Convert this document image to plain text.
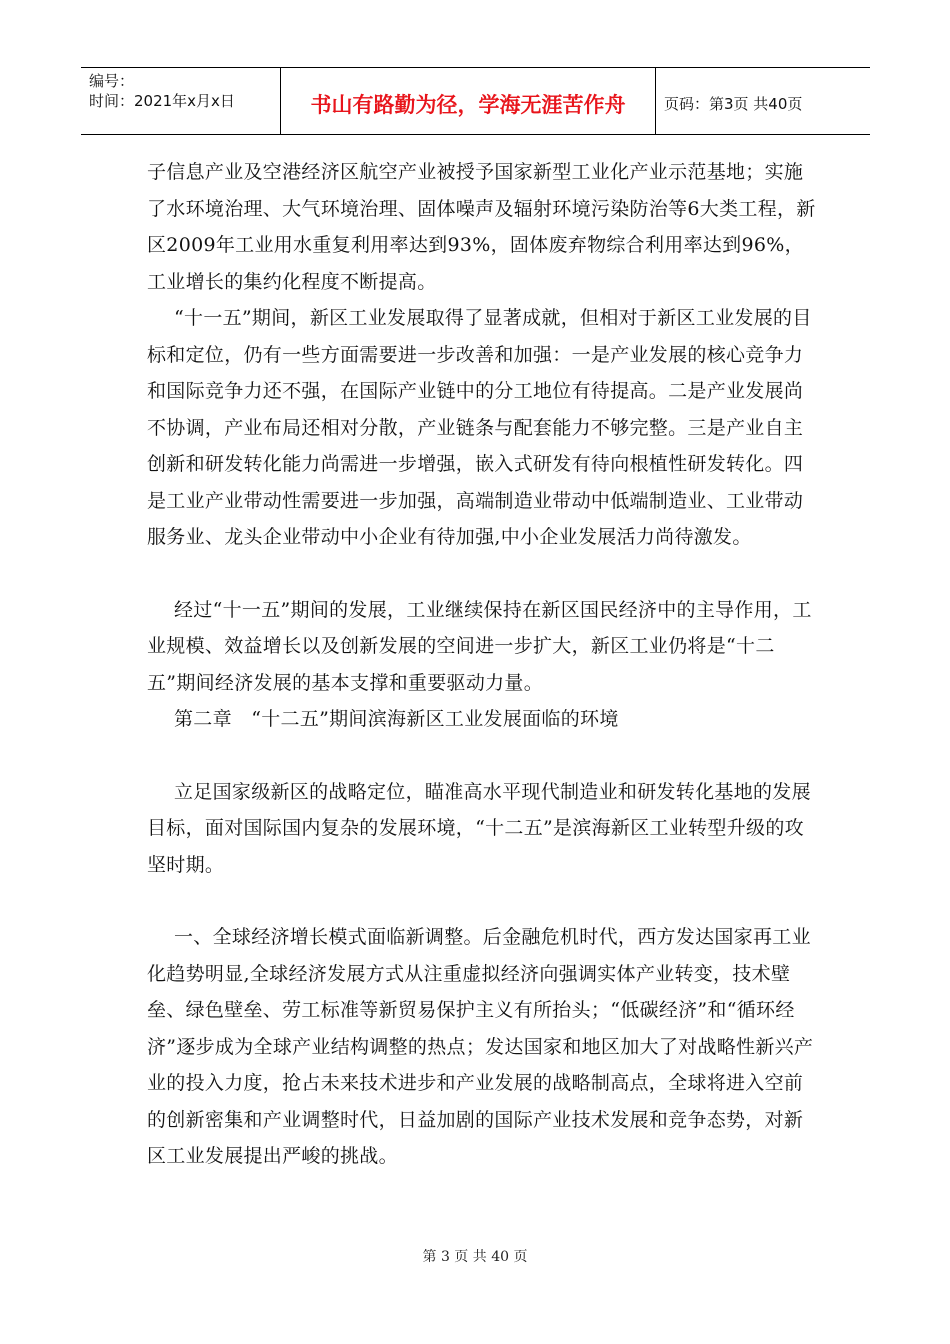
编号：
时间：2021年x月x日	书山有路勤为径，学海无涯苦作舟	页码：第3页 共40页

子信息产业及空港经济区航空产业被授予国家新型工业化产业示范基地；实施了水环境治理、大气环境治理、固体噪声及辐射环境污染防治等6大类工程，新区2009年工业用水重复利用率达到93%，固体废弃物综合利用率达到96%，工业增长的集约化程度不断提高。

“十一五”期间，新区工业发展取得了显著成就，但相对于新区工业发展的目标和定位，仍有一些方面需要进一步改善和加强：一是产业发展的核心竞争力和国际竞争力还不强，在国际产业链中的分工地位有待提高。二是产业发展尚不协调，产业布局还相对分散，产业链条与配套能力不够完整。三是产业自主创新和研发转化能力尚需进一步增强，嵌入式研发有待向根植性研发转化。四是工业产业带动性需要进一步加强，高端制造业带动中低端制造业、工业带动服务业、龙头企业带动中小企业有待加强,中小企业发展活力尚待激发。

经过“十一五”期间的发展，工业继续保持在新区国民经济中的主导作用，工业规模、效益增长以及创新发展的空间进一步扩大，新区工业仍将是“十二五”期间经济发展的基本支撑和重要驱动力量。

第二章　“十二五”期间滨海新区工业发展面临的环境

立足国家级新区的战略定位，瞄准高水平现代制造业和研发转化基地的发展目标，面对国际国内复杂的发展环境，“十二五”是滨海新区工业转型升级的攻坚时期。

一、全球经济增长模式面临新调整。后金融危机时代，西方发达国家再工业化趋势明显,全球经济发展方式从注重虚拟经济向强调实体产业转变，技术壁垒、绿色壁垒、劳工标准等新贸易保护主义有所抬头；“低碳经济”和“循环经济”逐步成为全球产业结构调整的热点；发达国家和地区加大了对战略性新兴产业的投入力度，抢占未来技术进步和产业发展的战略制高点，全球将进入空前的创新密集和产业调整时代，日益加剧的国际产业技术发展和竞争态势，对新区工业发展提出严峻的挑战。

第 3 页 共 40 页
